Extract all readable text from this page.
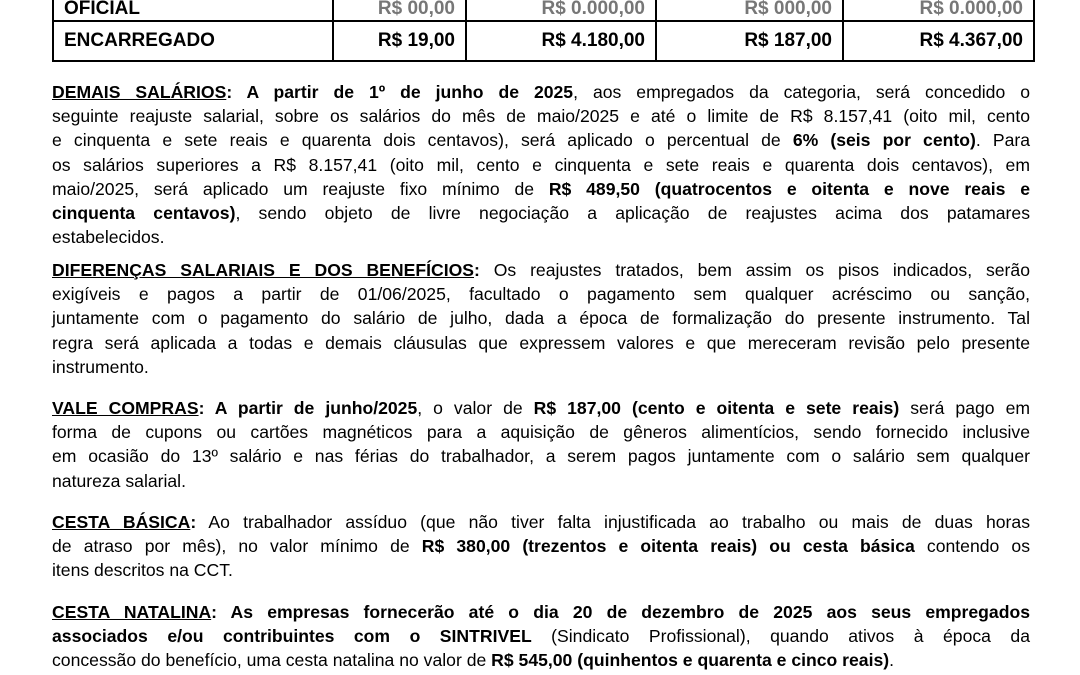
OFICIAL	R$ 00,00	R$ 0.000,00	R$ 000,00	R$ 0.000,00
ENCARREGADO	R$ 19,00	R$ 4.180,00	R$ 187,00	R$ 4.367,00
DEMAIS SALÁRIOS: A partir de 1º de junho de 2025, aos empregados da categoria, será concedido o
seguinte reajuste salarial, sobre os salários do mês de maio/2025 e até o limite de R$ 8.157,41 (oito mil, cento
e cinquenta e sete reais e quarenta dois centavos), será aplicado o percentual de 6% (seis por cento). Para
os salários superiores a R$ 8.157,41 (oito mil, cento e cinquenta e sete reais e quarenta dois centavos), em
maio/2025, será aplicado um reajuste fixo mínimo de R$ 489,50 (quatrocentos e oitenta e nove reais e
cinquenta centavos), sendo objeto de livre negociação a aplicação de reajustes acima dos patamares
estabelecidos.
DIFERENÇAS SALARIAIS E DOS BENEFÍCIOS: Os reajustes tratados, bem assim os pisos indicados, serão
exigíveis e pagos a partir de 01/06/2025, facultado o pagamento sem qualquer acréscimo ou sanção,
juntamente com o pagamento do salário de julho, dada a época de formalização do presente instrumento. Tal
regra será aplicada a todas e demais cláusulas que expressem valores e que mereceram revisão pelo presente
instrumento.
VALE COMPRAS: A partir de junho/2025, o valor de R$ 187,00 (cento e oitenta e sete reais) será pago em
forma de cupons ou cartões magnéticos para a aquisição de gêneros alimentícios, sendo fornecido inclusive
em ocasião do 13º salário e nas férias do trabalhador, a serem pagos juntamente com o salário sem qualquer
natureza salarial.
CESTA BÁSICA: Ao trabalhador assíduo (que não tiver falta injustificada ao trabalho ou mais de duas horas
de atraso por mês), no valor mínimo de R$ 380,00 (trezentos e oitenta reais) ou cesta básica contendo os
itens descritos na CCT.
CESTA NATALINA: As empresas fornecerão até o dia 20 de dezembro de 2025 aos seus empregados
associados e/ou contribuintes com o SINTRIVEL (Sindicato Profissional), quando ativos à época da
concessão do benefício, uma cesta natalina no valor de R$ 545,00 (quinhentos e quarenta e cinco reais).
